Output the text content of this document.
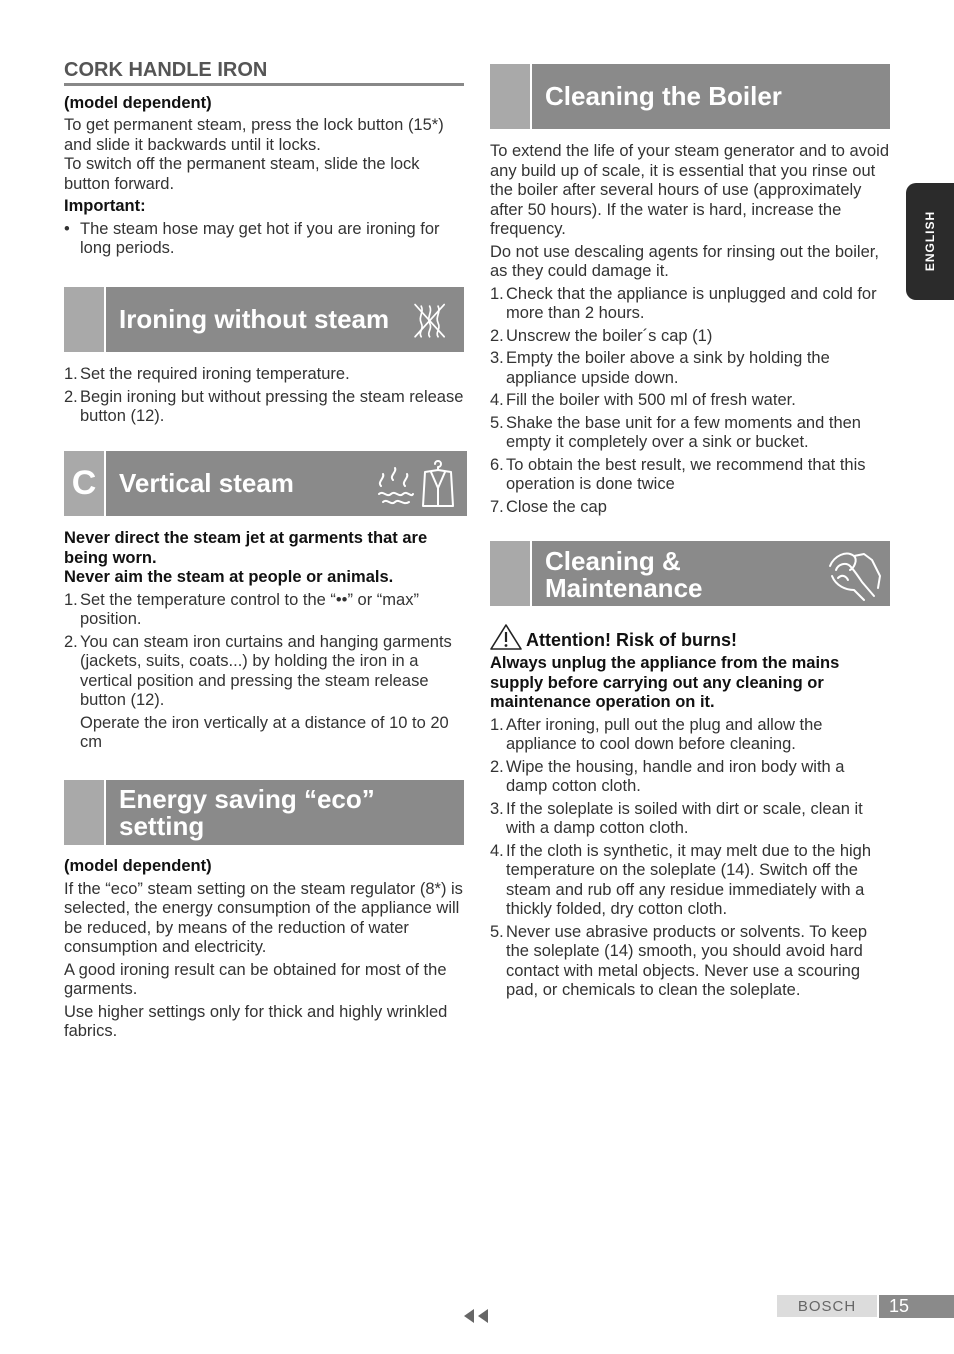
CORK HANDLE IRON

(model dependent)

To get permanent steam, press the lock button (15*) and slide it backwards until it locks.

To switch off the permanent steam, slide the lock button forward.

Important:

• The steam hose may get hot if you are ironing for long periods.
Ironing without steam
1. Set the required ironing temperature.
2. Begin ironing but without pressing the steam release button (12).
C Vertical steam

Never direct the steam jet at garments that are being worn.

Never aim the steam at people or animals.

1. Set the temperature control to the “••” or “max” position.
2. You can steam iron curtains and hanging garments (jackets, suits, coats...) by holding the iron in a vertical position and pressing the steam release button (12).
Operate the iron vertically at a distance of 10 to 20 cm
Energy saving “eco” setting

(model dependent)

If the “eco” steam setting on the steam regulator (8*) is selected, the energy consumption of the appliance will be reduced, by means of the reduction of water consumption and electricity.

A good ironing result can be obtained for most of the garments.

Use higher settings only for thick and highly wrinkled fabrics.

Cleaning the Boiler

To extend the life of your steam generator and to avoid any build up of scale, it is essential that you rinse out the boiler after several hours of use (approximately after 50 hours). If the water is hard, increase the frequency.

Do not use descaling agents for rinsing out the boiler, as they could damage it.

1. Check that the appliance is unplugged and cold for more than 2 hours.
2. Unscrew the boiler´s cap (1)
3. Empty the boiler above a sink by holding the appliance upside down.
4. Fill the boiler with 500 ml of fresh water.
5. Shake the base unit for a few moments and then empty it completely over a sink or bucket.
6. To obtain the best result, we recommend that this operation is done twice
7. Close the cap
Cleaning &
Maintenance
Attention! Risk of burns!

Always unplug the appliance from the mains supply before carrying out any cleaning or maintenance operation on it.

1. After ironing, pull out the plug and allow the appliance to cool down before cleaning.
2. Wipe the housing, handle and iron body with a damp cotton cloth.
3. If the soleplate is soiled with dirt or scale, clean it with a damp cotton cloth.
4. If the cloth is synthetic, it may melt due to the high temperature on the soleplate (14). Switch off the steam and rub off any residue immediately with a thickly folded, dry cotton cloth.
5. Never use abrasive products or solvents. To keep the soleplate (14) smooth, you should avoid hard contact with metal objects. Never use a scouring pad, or chemicals to clean the soleplate.
ENGLISH
BOSCH	15
